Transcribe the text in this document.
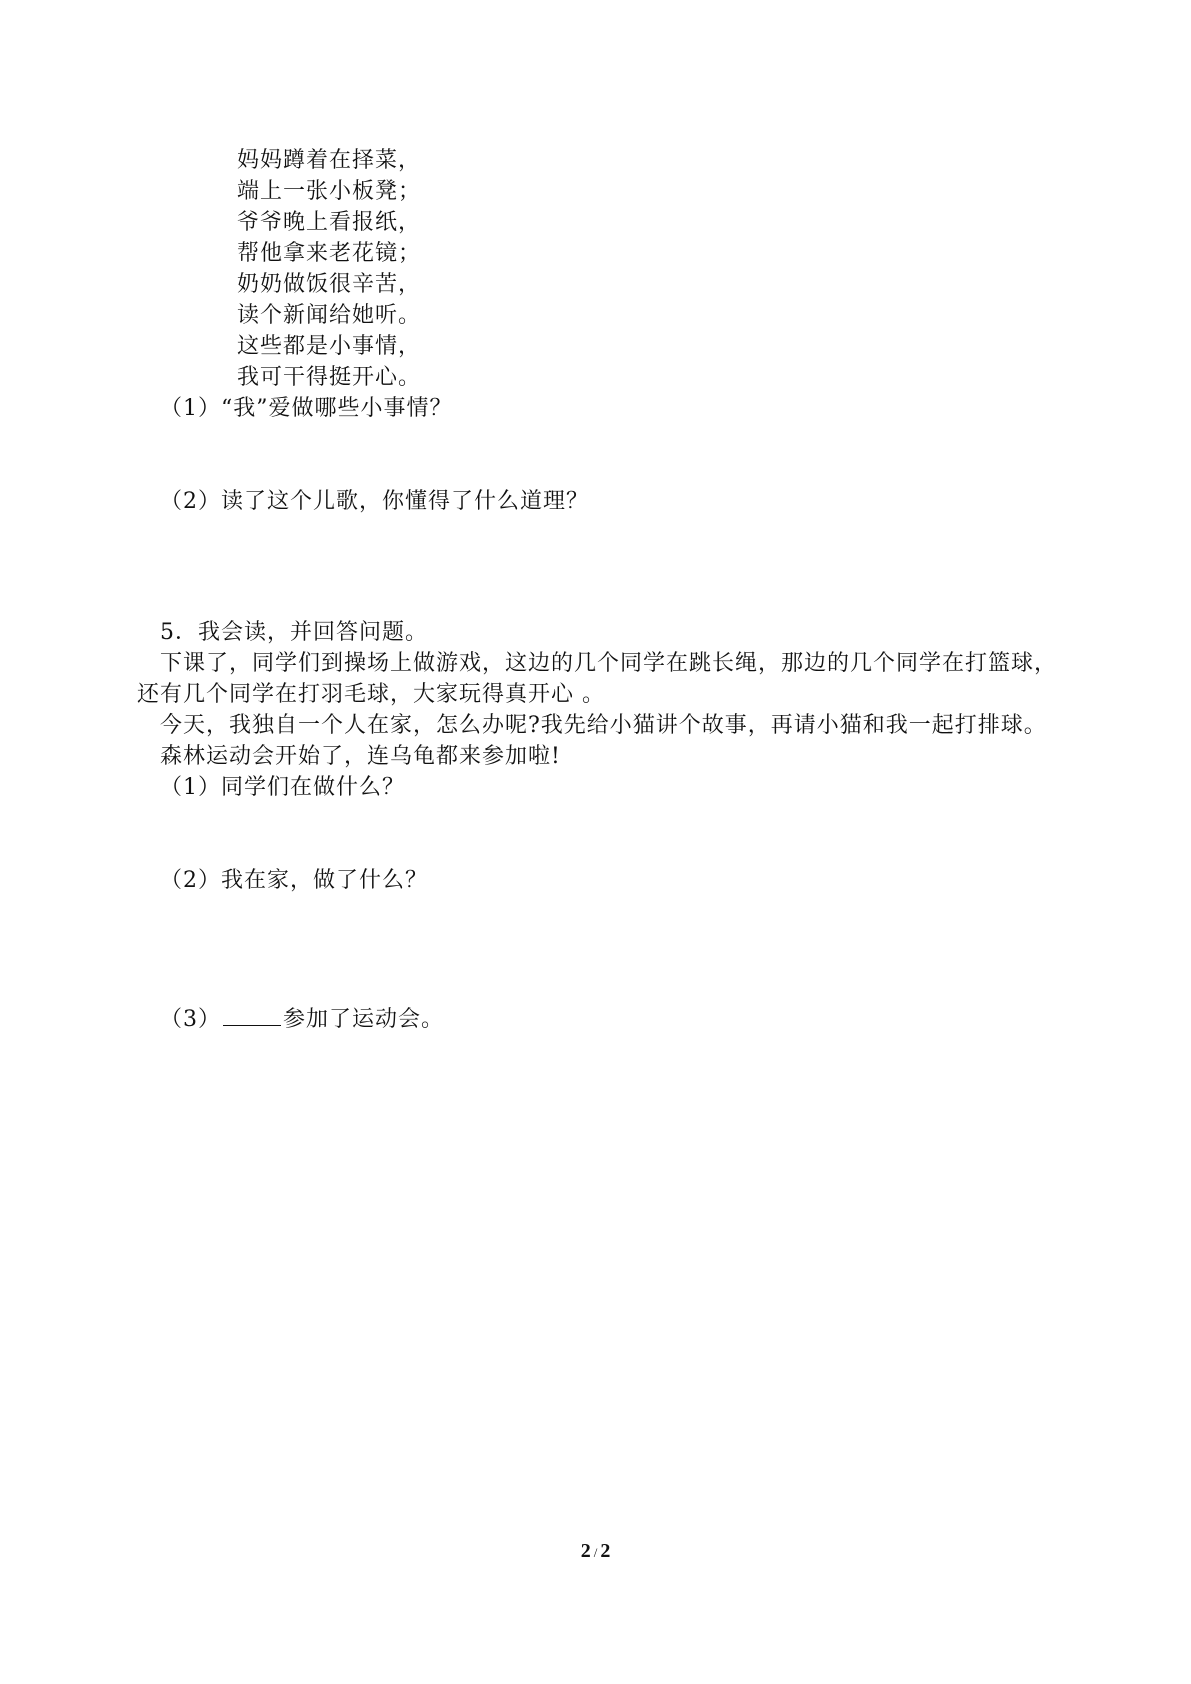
妈妈蹲着在择菜，
端上一张小板凳；
爷爷晚上看报纸，
帮他拿来老花镜；
奶奶做饭很辛苦，
读个新闻给她听。
这些都是小事情，
我可干得挺开心。
（1）“我”爱做哪些小事情？
（2）读了这个儿歌，你懂得了什么道理？
5．我会读，并回答问题。
下课了，同学们到操场上做游戏，这边的几个同学在跳长绳，那边的几个同学在打篮球，
还有几个同学在打羽毛球，大家玩得真开心 。
今天，我独自一个人在家，怎么办呢?我先给小猫讲个故事，再请小猫和我一起打排球。
森林运动会开始了，连乌龟都来参加啦!
（1）同学们在做什么？
（2）我在家，做了什么？
（3）	参加了运动会。
2 / 2
